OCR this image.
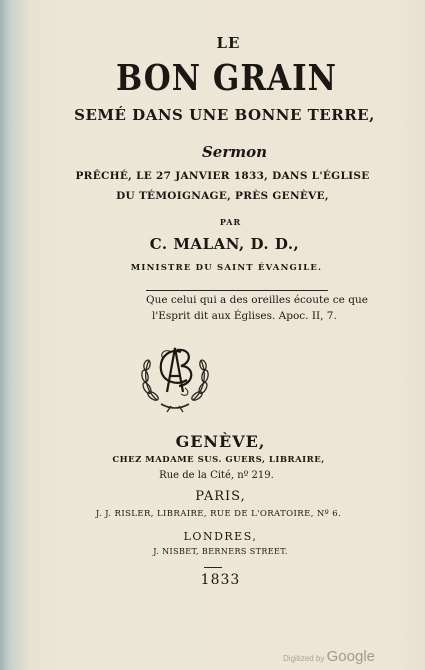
LE
BON GRAIN
SEMÉ DANS UNE BONNE TERRE,
Sermon
PRÊCHÉ, LE 27 JANVIER 1833, DANS L'ÉGLISE
DU TÉMOIGNAGE, PRÈS GENÈVE,
PAR
C. MALAN, D. D.,
MINISTRE DU SAINT ÉVANGILE.
Que celui qui a des oreilles écoute ce que
l'Esprit dit aux Églises. Apoc. II, 7.
GENÈVE,
CHEZ MADAME SUS. GUERS, LIBRAIRE,
Rue de la Cité, nº 219.
PARIS,
J. J. RISLER, LIBRAIRE, RUE DE L'ORATOIRE, Nº 6.
LONDRES,
J. NISBET, BERNERS STREET.
1833
Digitized by Google
